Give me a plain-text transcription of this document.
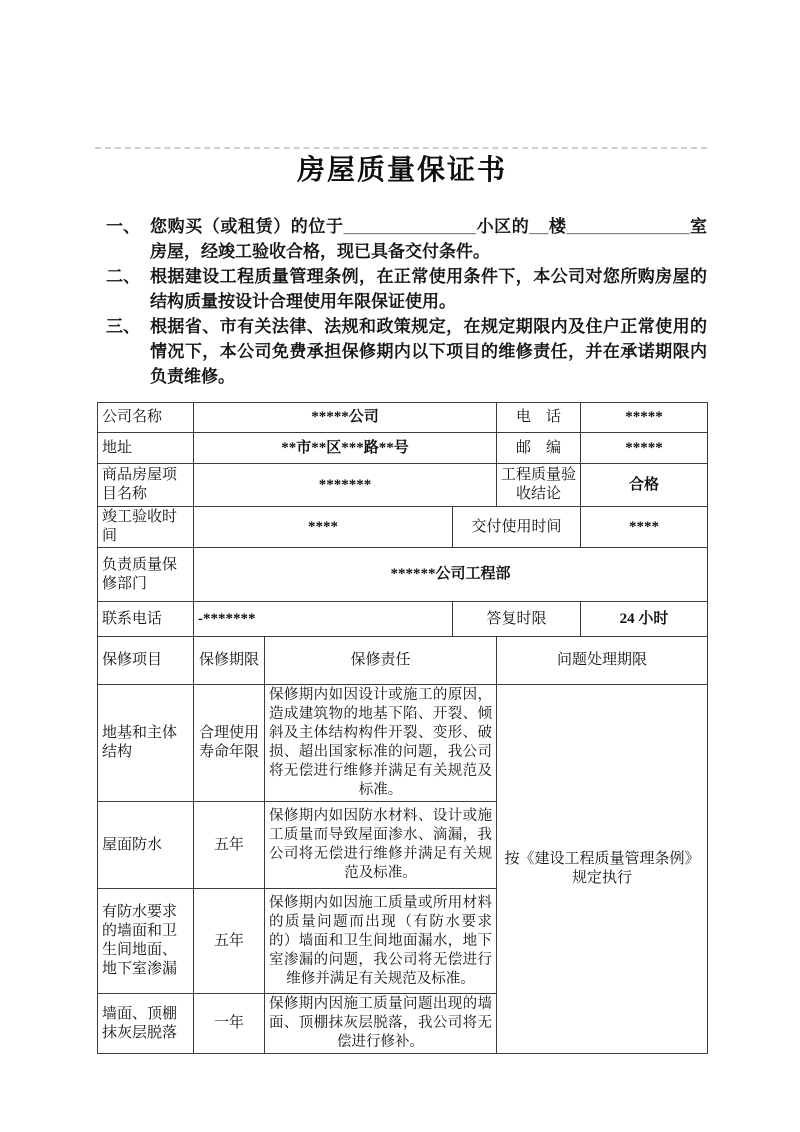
房屋质量保证书
一、 您购买（或租赁）的位于______________小区的__楼_____________室房屋，经竣工验收合格，现已具备交付条件。
二、 根据建设工程质量管理条例，在正常使用条件下，本公司对您所购房屋的结构质量按设计合理使用年限保证使用。
三、 根据省、市有关法律、法规和政策规定，在规定期限内及住户正常使用的情况下，本公司免费承担保修期内以下项目的维修责任，并在承诺期限内负责维修。
公司名称	*****公司			电　话	*****
地址	**市**区***路**号			邮　编	*****
商品房屋项目名称	*******			工程质量验收结论	合格
竣工验收时间	****		交付使用时间		****
负责质量保修部门	******公司工程部				
联系电话	-*******		答复时限		24 小时
保修项目	保修期限	保修责任		问题处理期限	
地基和主体结构	合理使用寿命年限	保修期内如因设计或施工的原因，造成建筑物的地基下陷、开裂、倾斜及主体结构构件开裂、变形、破损、超出国家标准的问题，我公司将无偿进行维修并满足有关规范及标准。		按《建设工程质量管理条例》规定执行	
屋面防水	五年	保修期内如因防水材料、设计或施工质量而导致屋面渗水、滴漏，我公司将无偿进行维修并满足有关规范及标准。			
有防水要求的墙面和卫生间地面、地下室渗漏	五年	保修期内如因施工质量或所用材料的质量问题而出现（有防水要求的）墙面和卫生间地面漏水，地下室渗漏的问题，我公司将无偿进行维修并满足有关规范及标准。			
墙面、顶棚抹灰层脱落	一年	保修期内因施工质量问题出现的墙面、顶棚抹灰层脱落，我公司将无偿进行修补。			
